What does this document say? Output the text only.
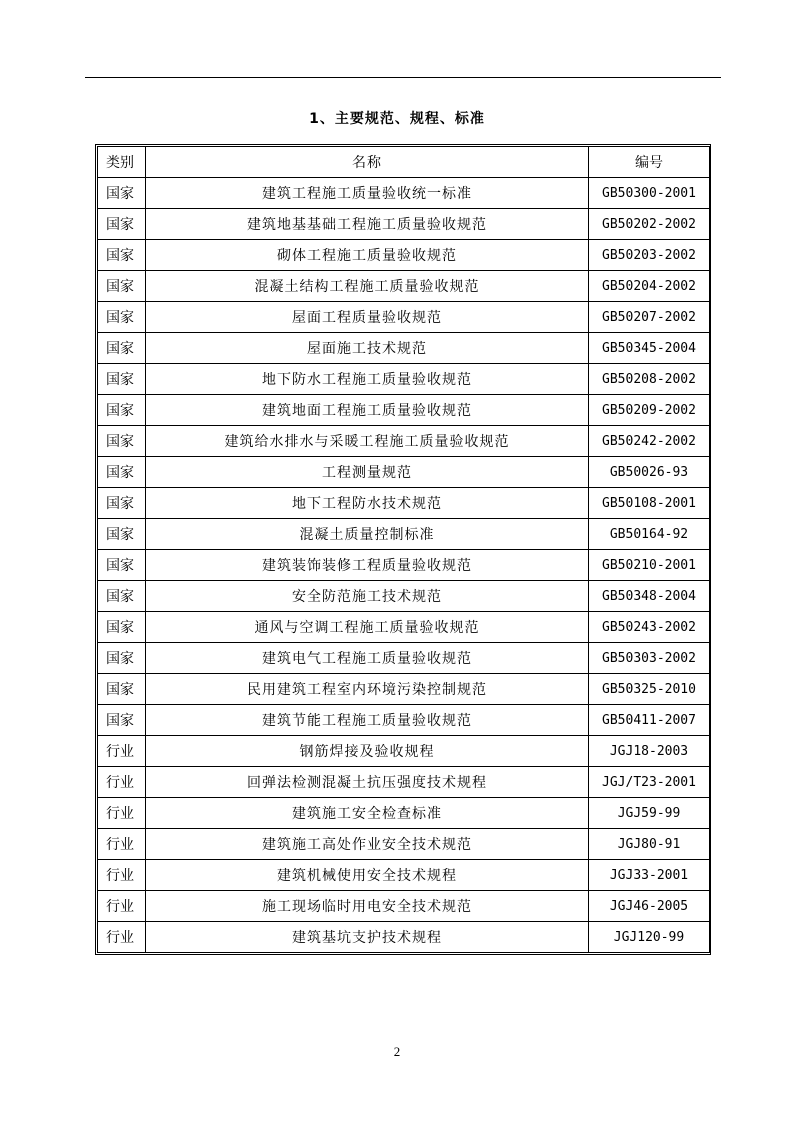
1、主要规范、规程、标准
类别	名称	编号
国家	建筑工程施工质量验收统一标准	GB50300-2001
国家	建筑地基基础工程施工质量验收规范	GB50202-2002
国家	砌体工程施工质量验收规范	GB50203-2002
国家	混凝土结构工程施工质量验收规范	GB50204-2002
国家	屋面工程质量验收规范	GB50207-2002
国家	屋面施工技术规范	GB50345-2004
国家	地下防水工程施工质量验收规范	GB50208-2002
国家	建筑地面工程施工质量验收规范	GB50209-2002
国家	建筑给水排水与采暖工程施工质量验收规范	GB50242-2002
国家	工程测量规范	GB50026-93
国家	地下工程防水技术规范	GB50108-2001
国家	混凝土质量控制标准	GB50164-92
国家	建筑装饰装修工程质量验收规范	GB50210-2001
国家	安全防范施工技术规范	GB50348-2004
国家	通风与空调工程施工质量验收规范	GB50243-2002
国家	建筑电气工程施工质量验收规范	GB50303-2002
国家	民用建筑工程室内环境污染控制规范	GB50325-2010
国家	建筑节能工程施工质量验收规范	GB50411-2007
行业	钢筋焊接及验收规程	JGJ18-2003
行业	回弹法检测混凝土抗压强度技术规程	JGJ/T23-2001
行业	建筑施工安全检查标准	JGJ59-99
行业	建筑施工高处作业安全技术规范	JGJ80-91
行业	建筑机械使用安全技术规程	JGJ33-2001
行业	施工现场临时用电安全技术规范	JGJ46-2005
行业	建筑基坑支护技术规程	JGJ120-99
2
